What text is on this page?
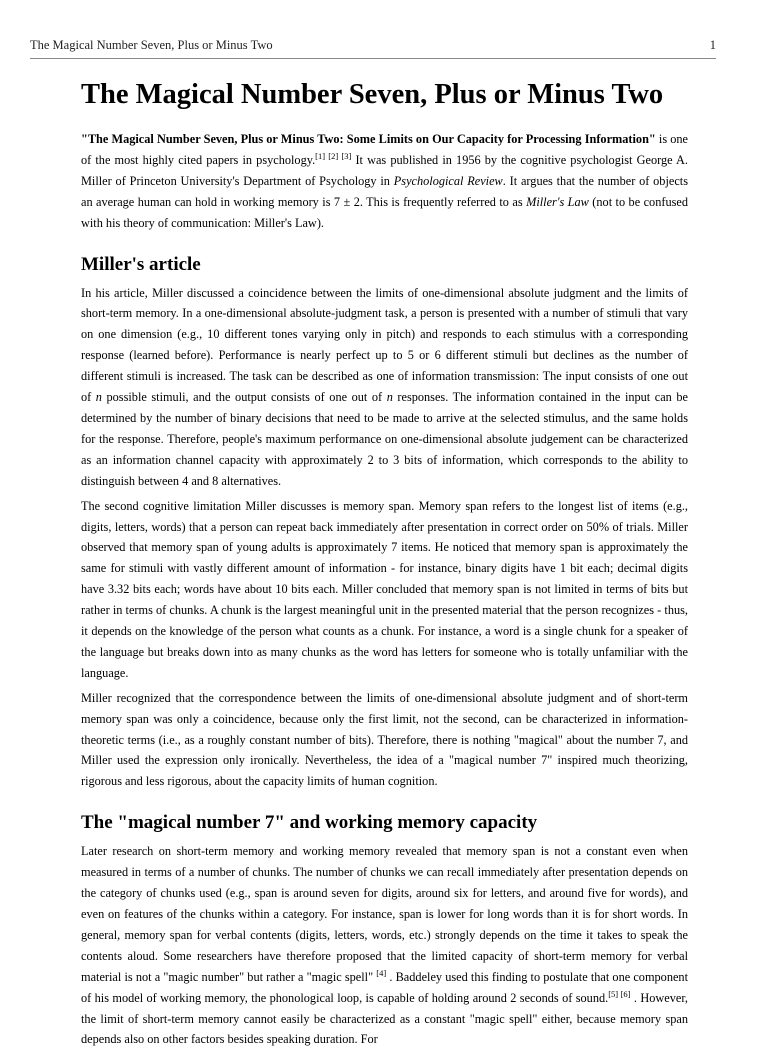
The Magical Number Seven, Plus or Minus Two	1
The Magical Number Seven, Plus or Minus Two

"The Magical Number Seven, Plus or Minus Two: Some Limits on Our Capacity for Processing Information" is one of the most highly cited papers in psychology.[1] [2] [3] It was published in 1956 by the cognitive psychologist George A. Miller of Princeton University's Department of Psychology in Psychological Review. It argues that the number of objects an average human can hold in working memory is 7 ± 2. This is frequently referred to as Miller's Law (not to be confused with his theory of communication: Miller's Law).

Miller's article

In his article, Miller discussed a coincidence between the limits of one-dimensional absolute judgment and the limits of short-term memory. In a one-dimensional absolute-judgment task, a person is presented with a number of stimuli that vary on one dimension (e.g., 10 different tones varying only in pitch) and responds to each stimulus with a corresponding response (learned before). Performance is nearly perfect up to 5 or 6 different stimuli but declines as the number of different stimuli is increased. The task can be described as one of information transmission: The input consists of one out of n possible stimuli, and the output consists of one out of n responses. The information contained in the input can be determined by the number of binary decisions that need to be made to arrive at the selected stimulus, and the same holds for the response. Therefore, people's maximum performance on one-dimensional absolute judgement can be characterized as an information channel capacity with approximately 2 to 3 bits of information, which corresponds to the ability to distinguish between 4 and 8 alternatives.

The second cognitive limitation Miller discusses is memory span. Memory span refers to the longest list of items (e.g., digits, letters, words) that a person can repeat back immediately after presentation in correct order on 50% of trials. Miller observed that memory span of young adults is approximately 7 items. He noticed that memory span is approximately the same for stimuli with vastly different amount of information - for instance, binary digits have 1 bit each; decimal digits have 3.32 bits each; words have about 10 bits each. Miller concluded that memory span is not limited in terms of bits but rather in terms of chunks. A chunk is the largest meaningful unit in the presented material that the person recognizes - thus, it depends on the knowledge of the person what counts as a chunk. For instance, a word is a single chunk for a speaker of the language but breaks down into as many chunks as the word has letters for someone who is totally unfamiliar with the language.

Miller recognized that the correspondence between the limits of one-dimensional absolute judgment and of short-term memory span was only a coincidence, because only the first limit, not the second, can be characterized in information-theoretic terms (i.e., as a roughly constant number of bits). Therefore, there is nothing "magical" about the number 7, and Miller used the expression only ironically. Nevertheless, the idea of a "magical number 7" inspired much theorizing, rigorous and less rigorous, about the capacity limits of human cognition.

The "magical number 7" and working memory capacity

Later research on short-term memory and working memory revealed that memory span is not a constant even when measured in terms of a number of chunks. The number of chunks we can recall immediately after presentation depends on the category of chunks used (e.g., span is around seven for digits, around six for letters, and around five for words), and even on features of the chunks within a category. For instance, span is lower for long words than it is for short words. In general, memory span for verbal contents (digits, letters, words, etc.) strongly depends on the time it takes to speak the contents aloud. Some researchers have therefore proposed that the limited capacity of short-term memory for verbal material is not a "magic number" but rather a "magic spell" [4] . Baddeley used this finding to postulate that one component of his model of working memory, the phonological loop, is capable of holding around 2 seconds of sound.[5] [6] . However, the limit of short-term memory cannot easily be characterized as a constant "magic spell" either, because memory span depends also on other factors besides speaking duration. For
